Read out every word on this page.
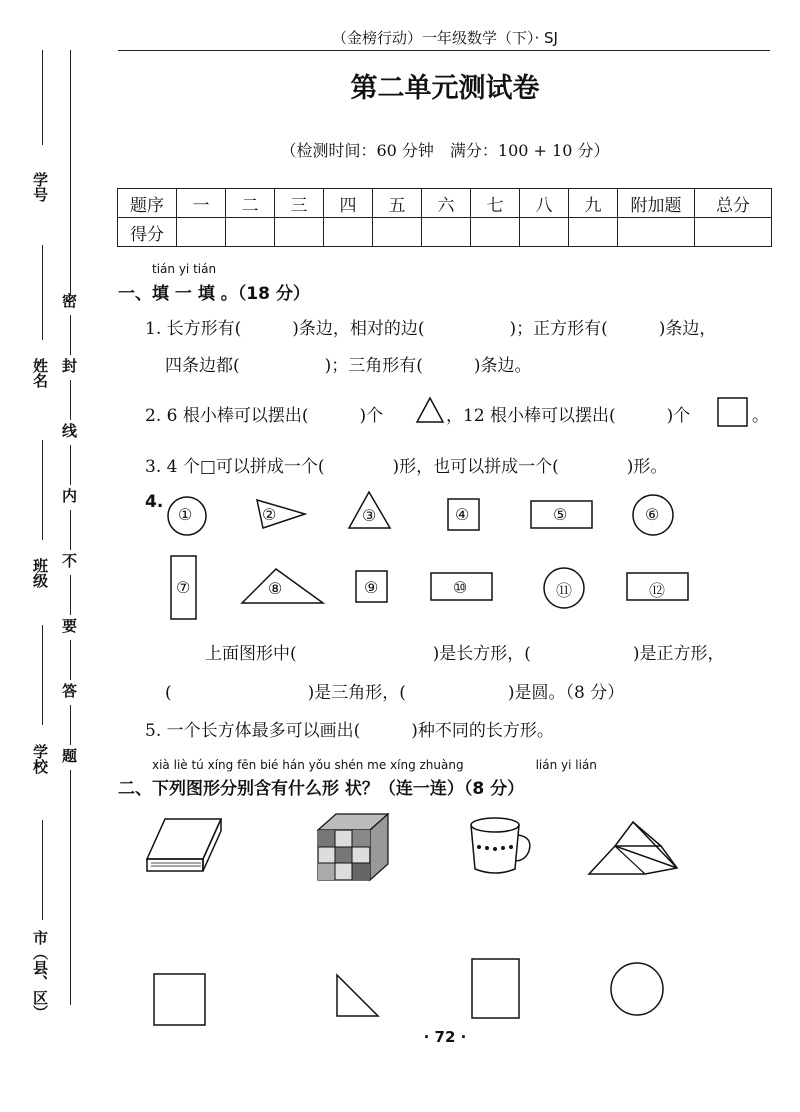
（金榜行动）一年级数学（下）· SJ
学号
姓名
班级
学校
市（县、区）
密
封
线
内
不
要
答
题
第二单元测试卷
（检测时间：60 分钟　满分：100 + 10 分）
题序	一	二	三	四	五	六	七	八	九	附加题	总分
得分											
tián yi tián
一、填 一 填 。（18 分）
1. 长方形有(　　　)条边，相对的边(　　　　　)；正方形有(　　　)条边，
四条边都(　　　　　)；三角形有(　　　)条边。
2. 6 根小棒可以摆出(　　　)个	，12 根小棒可以摆出(　　　)个	。
3. 4 个□可以拼成一个(　　　　)形，也可以拼成一个(　　　　)形。
4.
①	②	③	④	⑤	⑥
⑦	⑧	⑨	⑩	⑪	⑫
上面图形中(　　　　　　　　)是长方形，(　　　　　　)是正方形，
(　　　　　　　　)是三角形，(　　　　　　)是圆。（8 分）
5. 一个长方体最多可以画出(　　　)种不同的长方形。
xià liè tú xíng fēn bié hán yǒu shén me xíng zhuàng　　　　　　lián yi lián
二、下列图形分别含有什么形 状？（连一连）（8 分）
· 72 ·
